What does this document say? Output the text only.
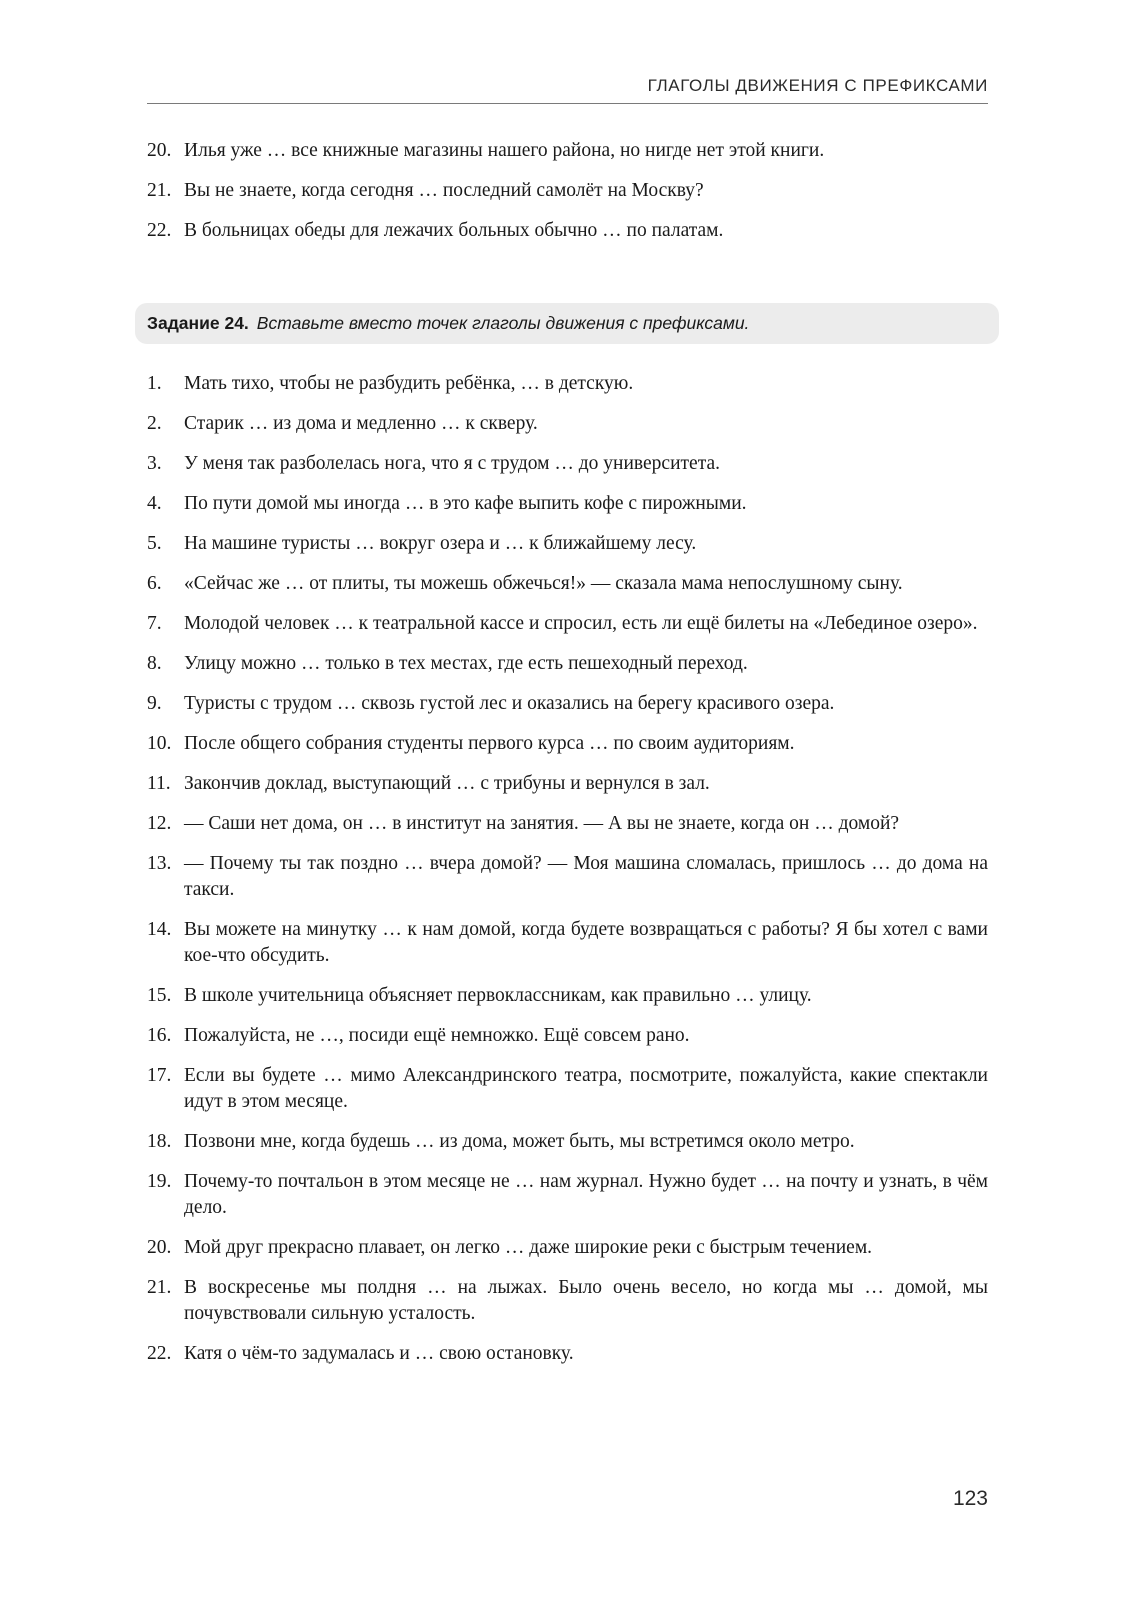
ГЛАГОЛЫ ДВИЖЕНИЯ С ПРЕФИКСАМИ
20. Илья уже … все книжные магазины нашего района, но нигде нет этой книги.
21. Вы не знаете, когда сегодня … последний самолёт на Москву?
22. В больницах обеды для лежачих больных обычно … по палатам.
Задание 24. Вставьте вместо точек глаголы движения с префиксами.
1.	Мать тихо, чтобы не разбудить ребёнка, … в детскую.
2.	Старик … из дома и медленно … к скверу.
3.	У меня так разболелась нога, что я с трудом … до университета.
4.	По пути домой мы иногда … в это кафе выпить кофе с пирожными.
5.	На машине туристы … вокруг озера и … к ближайшему лесу.
6.	«Сейчас же … от плиты, ты можешь обжечься!» — сказала мама непослушному сыну.
7.	Молодой человек … к театральной кассе и спросил, есть ли ещё билеты на «Лебединое озеро».
8.	Улицу можно … только в тех местах, где есть пешеходный переход.
9.	Туристы с трудом … сквозь густой лес и оказались на берегу красивого озера.
10. После общего собрания студенты первого курса … по своим аудиториям.
11. Закончив доклад, выступающий … с трибуны и вернулся в зал.
12. — Саши нет дома, он … в институт на занятия. — А вы не знаете, когда он … домой?
13. — Почему ты так поздно … вчера домой? — Моя машина сломалась, пришлось … до дома на такси.
14. Вы можете на минутку … к нам домой, когда будете возвращаться с работы? Я бы хотел с вами кое-что обсудить.
15. В школе учительница объясняет первоклассникам, как правильно … улицу.
16. Пожалуйста, не …, посиди ещё немножко. Ещё совсем рано.
17. Если вы будете … мимо Александринского театра, посмотрите, пожалуйста, какие спектакли идут в этом месяце.
18. Позвони мне, когда будешь … из дома, может быть, мы встретимся около метро.
19. Почему-то почтальон в этом месяце не … нам журнал. Нужно будет … на почту и узнать, в чём дело.
20. Мой друг прекрасно плавает, он легко … даже широкие реки с быстрым течением.
21. В воскресенье мы полдня … на лыжах. Было очень весело, но когда мы … домой, мы почувствовали сильную усталость.
22. Катя о чём-то задумалась и … свою остановку.
123
